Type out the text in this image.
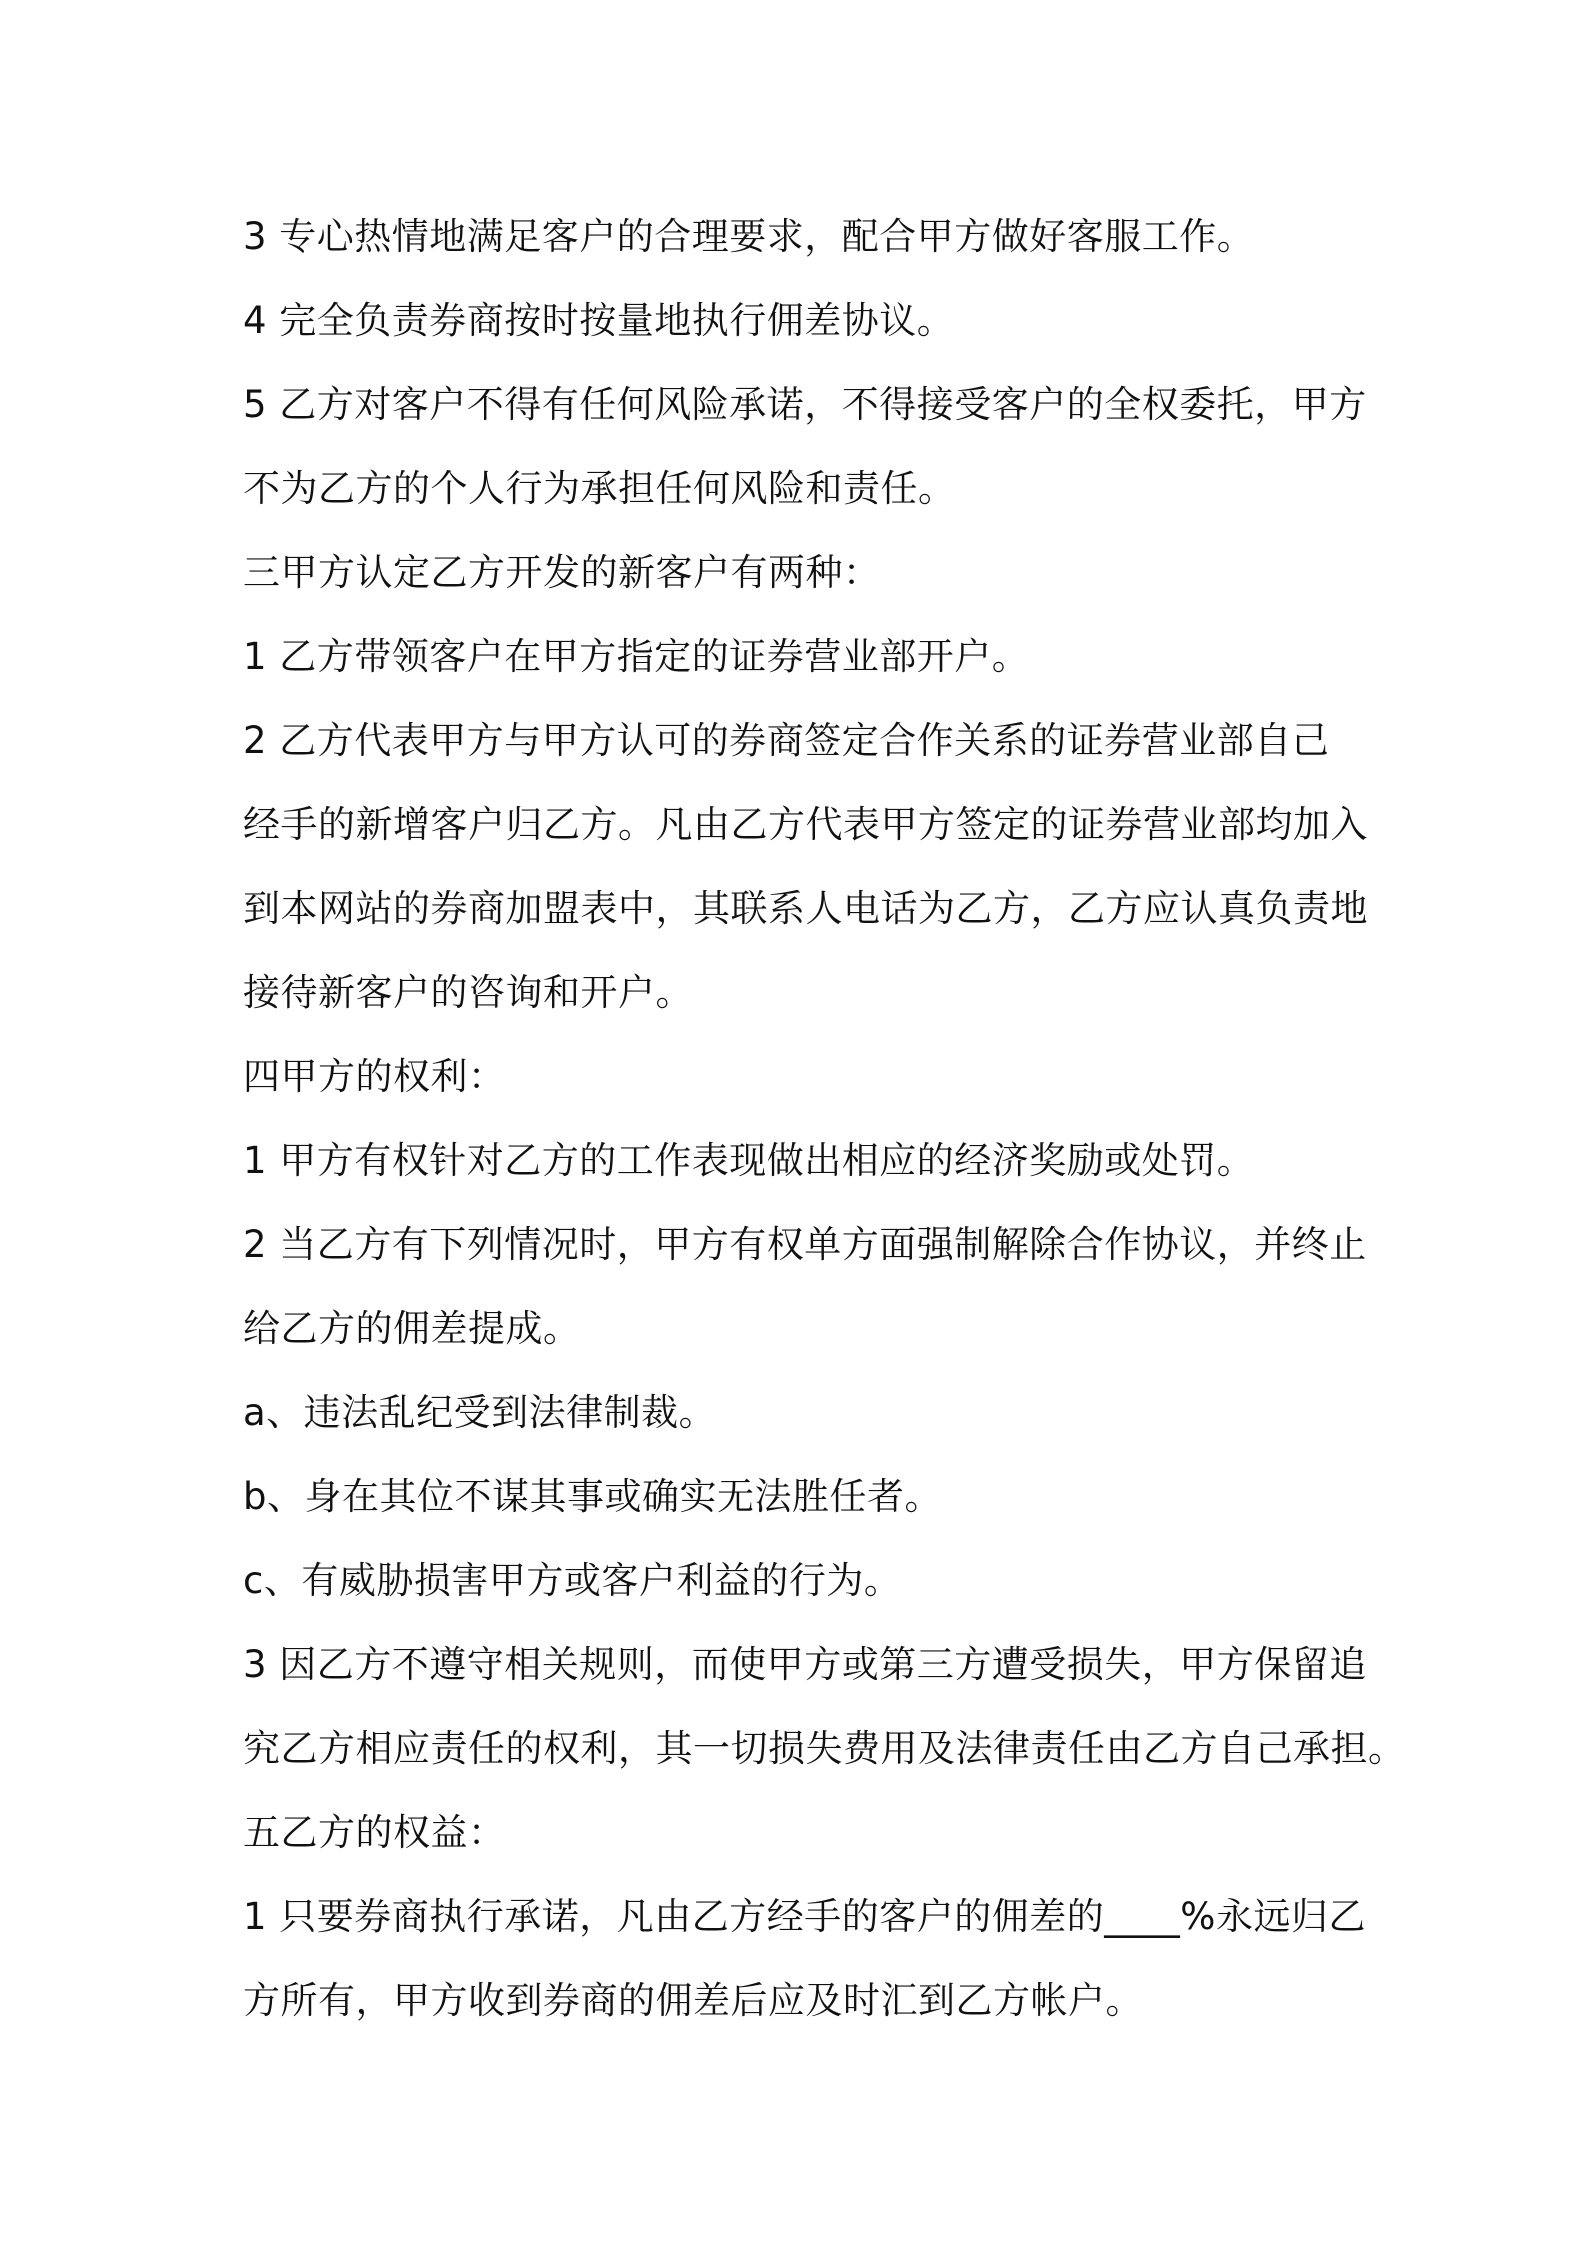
3 专心热情地满足客户的合理要求，配合甲方做好客服工作。
4 完全负责券商按时按量地执行佣差协议。
5 乙方对客户不得有任何风险承诺，不得接受客户的全权委托，甲方
不为乙方的个人行为承担任何风险和责任。
三甲方认定乙方开发的新客户有两种：
1 乙方带领客户在甲方指定的证券营业部开户。
2 乙方代表甲方与甲方认可的券商签定合作关系的证券营业部自己
经手的新增客户归乙方。凡由乙方代表甲方签定的证券营业部均加入
到本网站的券商加盟表中，其联系人电话为乙方，乙方应认真负责地
接待新客户的咨询和开户。
四甲方的权利：
1 甲方有权针对乙方的工作表现做出相应的经济奖励或处罚。
2 当乙方有下列情况时，甲方有权单方面强制解除合作协议，并终止
给乙方的佣差提成。
a、违法乱纪受到法律制裁。
b、身在其位不谋其事或确实无法胜任者。
c、有威胁损害甲方或客户利益的行为。
3 因乙方不遵守相关规则，而使甲方或第三方遭受损失，甲方保留追
究乙方相应责任的权利，其一切损失费用及法律责任由乙方自己承担。
五乙方的权益：
1 只要券商执行承诺，凡由乙方经手的客户的佣差的____%永远归乙
方所有，甲方收到券商的佣差后应及时汇到乙方帐户。
